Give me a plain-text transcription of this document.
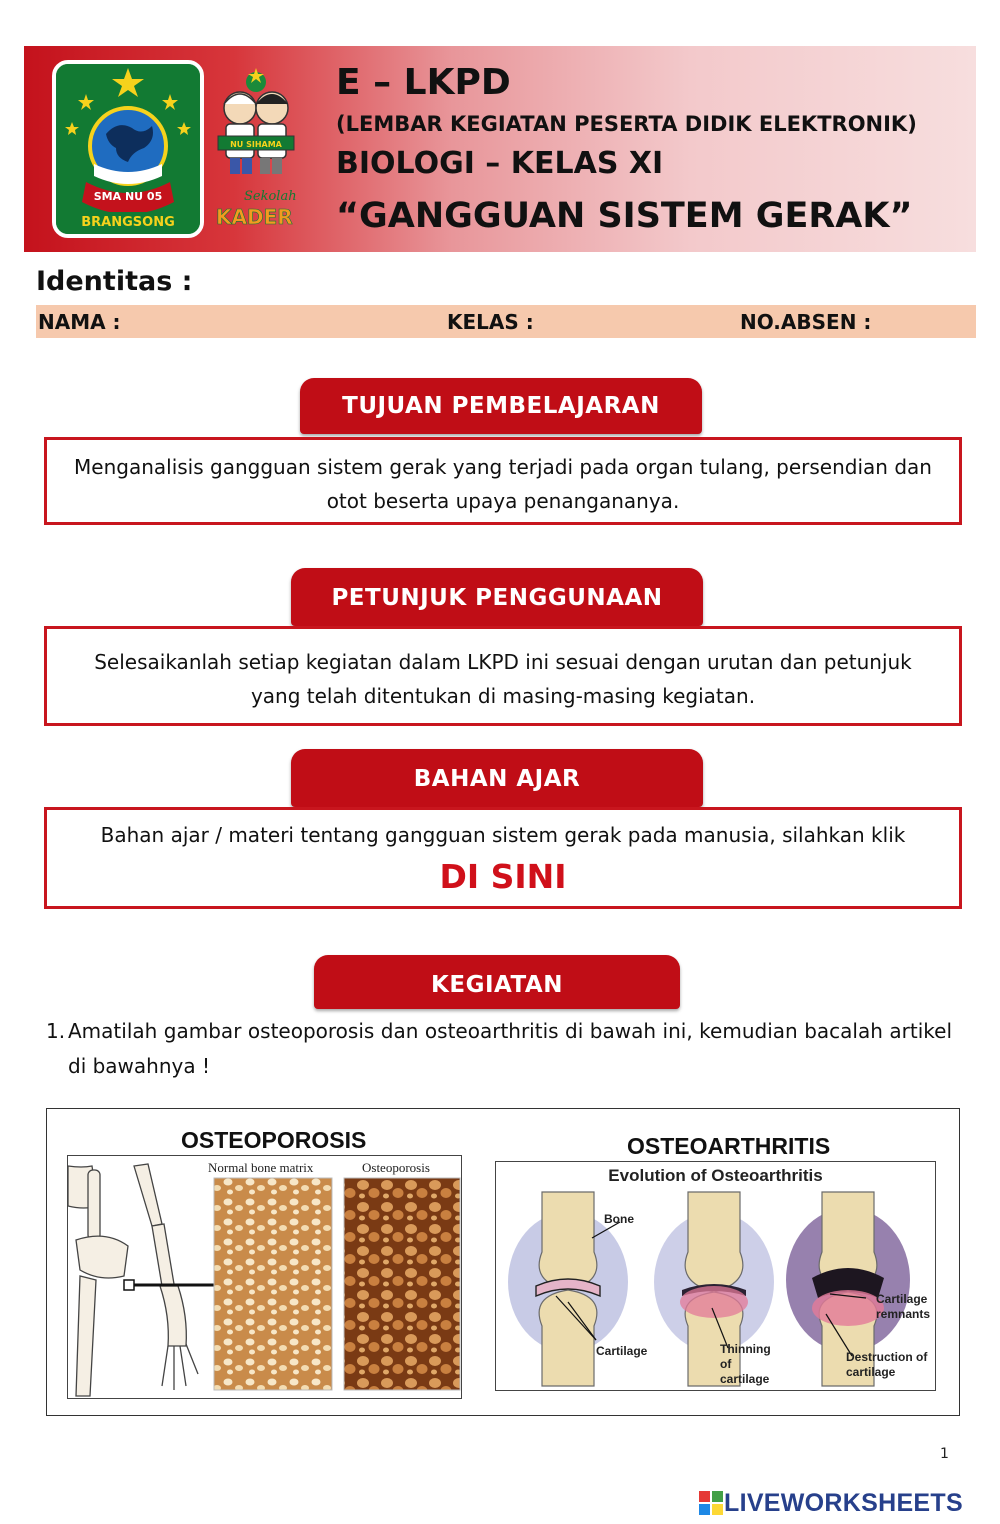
SMA NU 05
BRANGSONG
NU SIHAMA
Sekolah
KADER
E – LKPD
(LEMBAR KEGIATAN PESERTA DIDIK ELEKTRONIK)
BIOLOGI – KELAS XI
“GANGGUAN SISTEM GERAK”
Identitas :
NAMA :	KELAS :	NO.ABSEN :
TUJUAN PEMBELAJARAN
Menganalisis gangguan sistem gerak yang terjadi pada organ tulang, persendian dan otot beserta upaya penangananya.
PETUNJUK PENGGUNAAN
Selesaikanlah setiap kegiatan dalam LKPD ini sesuai dengan urutan dan petunjuk yang telah ditentukan di masing-masing kegiatan.
BAHAN AJAR
Bahan ajar / materi tentang gangguan sistem gerak pada manusia, silahkan klik
DI SINI
KEGIATAN
1. Amatilah gambar osteoporosis dan osteoarthritis di bawah ini, kemudian bacalah artikel di bawahnya !
OSTEOPOROSIS	OSTEOARTHRITIS
Normal bone matrix	Osteoporosis	Evolution of Osteoarthritis
Bone
Cartilage	Thinning of cartilage
Cartilage remnants
Destruction of cartilage
1
LIVEWORKSHEETS
